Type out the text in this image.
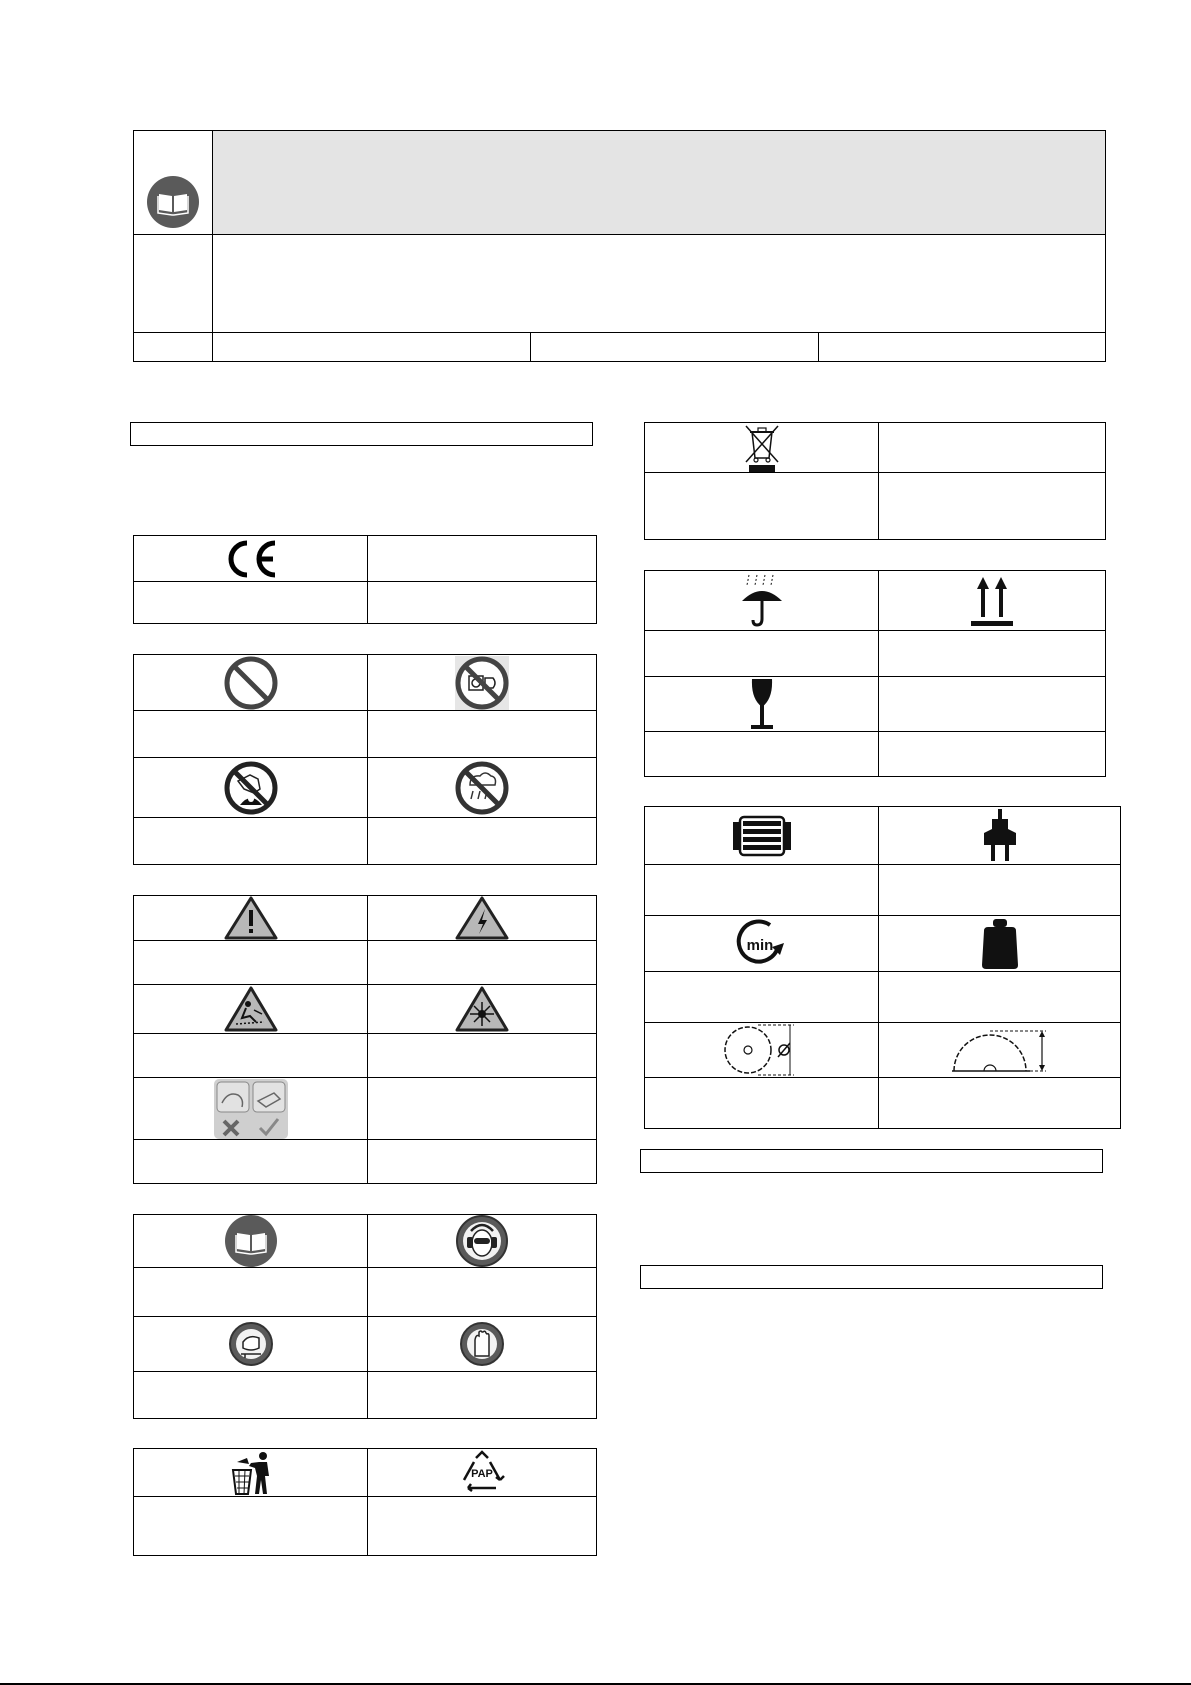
PAP

min
